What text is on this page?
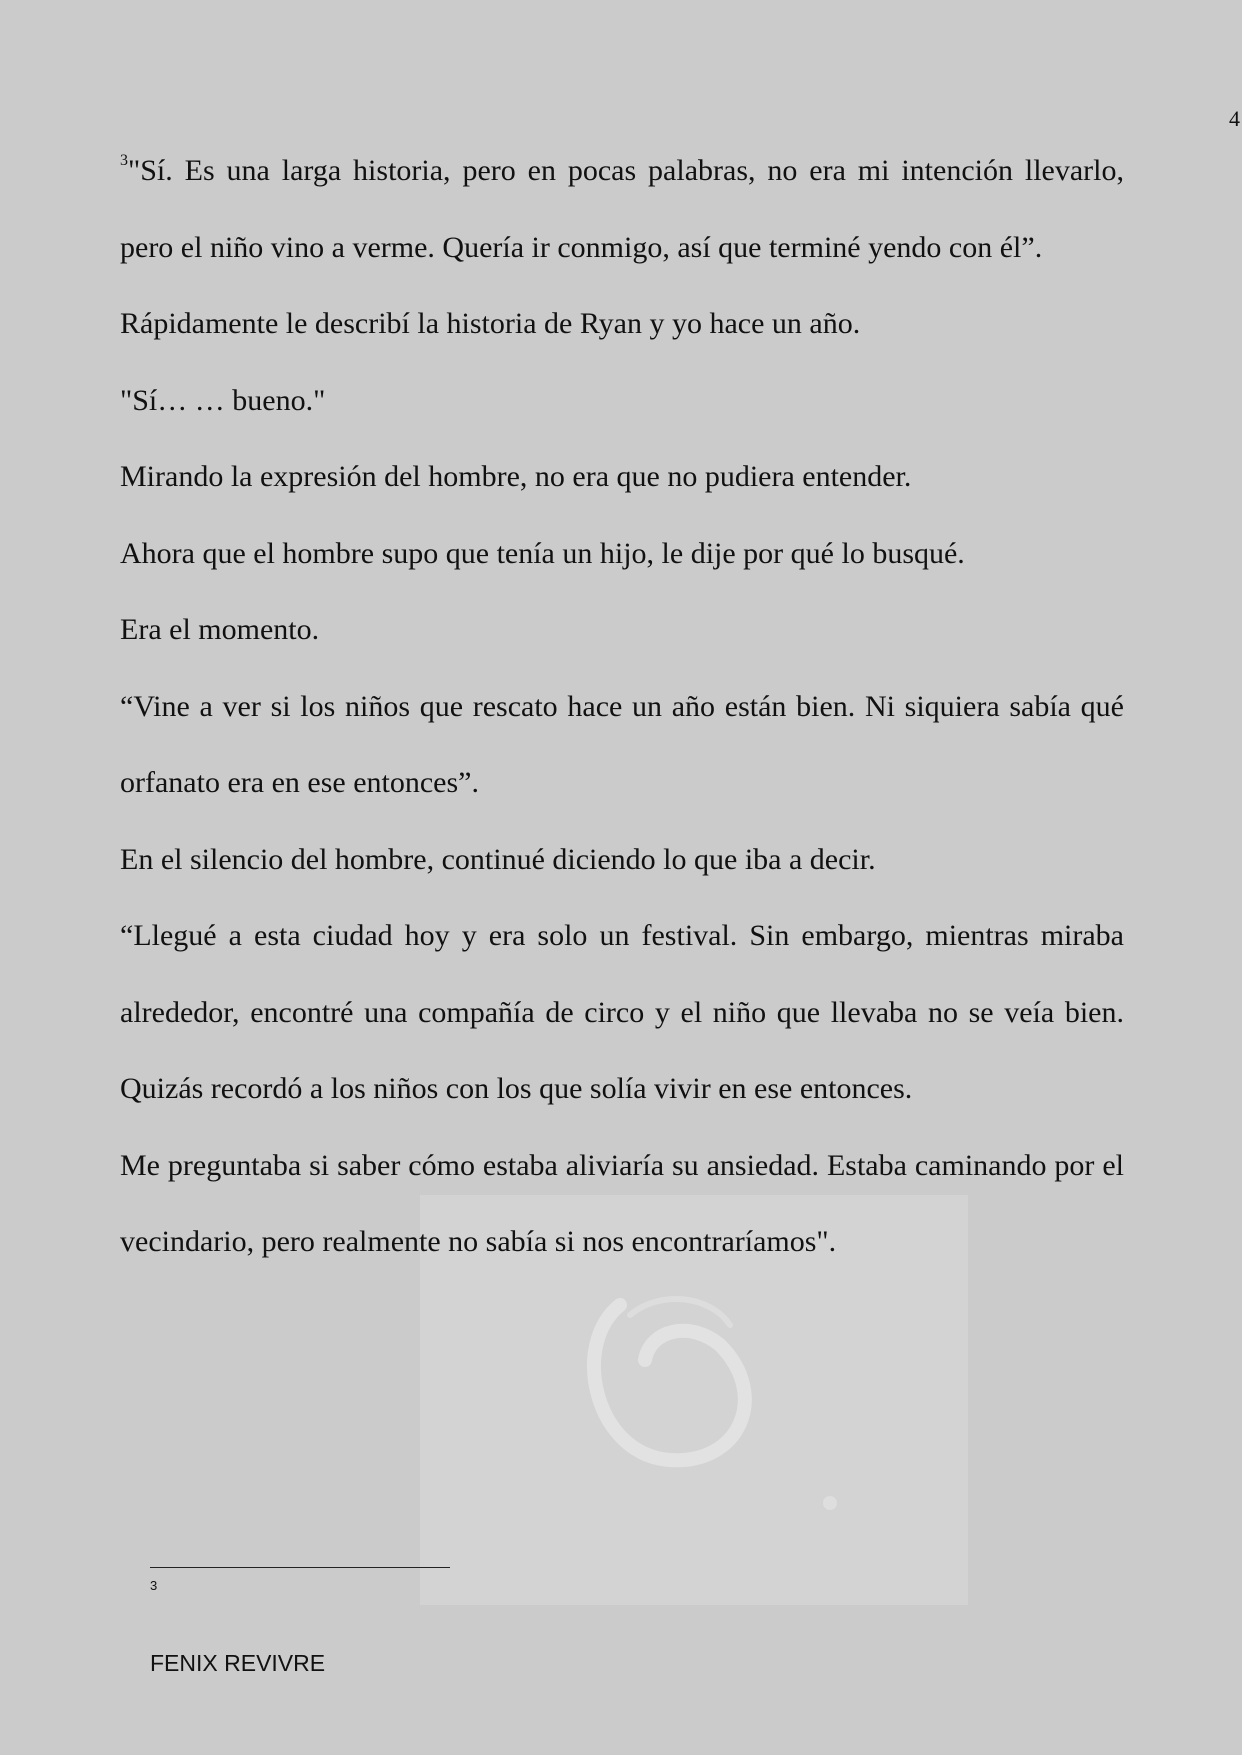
4

$^3$"Sí. Es una larga historia, pero en pocas palabras, no era mi intención llevarlo, pero el niño vino a verme. Quería ir conmigo, así que terminé yendo con él”.

Rápidamente le describí la historia de Ryan y yo hace un año.

"Sí… … bueno."

Mirando la expresión del hombre, no era que no pudiera entender.

Ahora que el hombre supo que tenía un hijo, le dije por qué lo busqué.

Era el momento.

“Vine a ver si los niños que rescato hace un año están bien. Ni siquiera sabía qué orfanato era en ese entonces”.

En el silencio del hombre, continué diciendo lo que iba a decir.

“Llegué a esta ciudad hoy y era solo un festival. Sin embargo, mientras miraba alrededor, encontré una compañía de circo y el niño que llevaba no se veía bien. Quizás recordó a los niños con los que solía vivir en ese entonces.

Me preguntaba si saber cómo estaba aliviaría su ansiedad. Estaba caminando por el vecindario, pero realmente no sabía si nos encontraríamos".

3
FENIX REVIVRE
